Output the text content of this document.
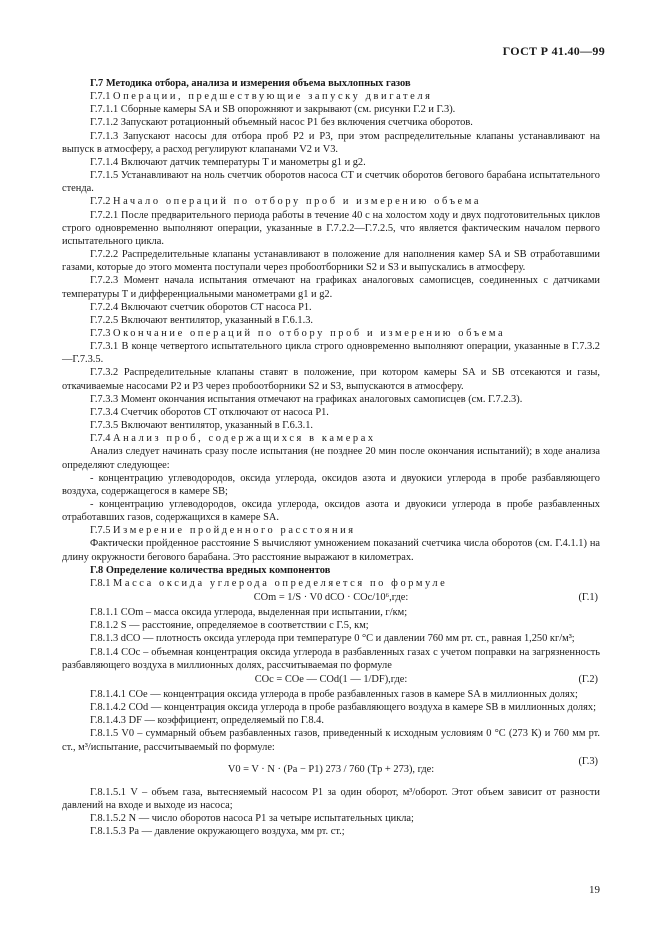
ГОСТ Р 41.40—99

Г.7 Методика отбора, анализа и измерения объема выхлопных газов

Г.7.1 Операции, предшествующие запуску двигателя

Г.7.1.1 Сборные камеры SA и SB опорожняют и закрывают (см. рисунки Г.2 и Г.3).

Г.7.1.2 Запускают ротационный объемный насос P1 без включения счетчика оборотов.

Г.7.1.3 Запускают насосы для отбора проб P2 и P3, при этом распределительные клапаны устанавливают на выпуск в атмосферу, а расход регулируют клапанами V2 и V3.

Г.7.1.4 Включают датчик температуры T и манометры g1 и g2.

Г.7.1.5 Устанавливают на ноль счетчик оборотов насоса CT и счетчик оборотов бегового барабана испытательного стенда.

Г.7.2 Начало операций по отбору проб и измерению объема

Г.7.2.1 После предварительного периода работы в течение 40 с на холостом ходу и двух подготовительных циклов строго одновременно выполняют операции, указанные в Г.7.2.2—Г.7.2.5, что является фактическим началом первого испытательного цикла.

Г.7.2.2 Распределительные клапаны устанавливают в положение для наполнения камер SA и SB отработавшими газами, которые до этого момента поступали через пробоотборники S2 и S3 и выпускались в атмосферу.

Г.7.2.3 Момент начала испытания отмечают на графиках аналоговых самописцев, соединенных с датчиками температуры T и дифференциальными манометрами g1 и g2.

Г.7.2.4 Включают счетчик оборотов CT насоса P1.

Г.7.2.5 Включают вентилятор, указанный в Г.6.1.3.

Г.7.3 Окончание операций по отбору проб и измерению объема

Г.7.3.1 В конце четвертого испытательного цикла строго одновременно выполняют операции, указанные в Г.7.3.2—Г.7.3.5.

Г.7.3.2 Распределительные клапаны ставят в положение, при котором камеры SA и SB отсекаются и газы, откачиваемые насосами P2 и P3 через пробоотборники S2 и S3, выпускаются в атмосферу.

Г.7.3.3 Момент окончания испытания отмечают на графиках аналоговых самописцев (см. Г.7.2.3).

Г.7.3.4 Счетчик оборотов CT отключают от насоса P1.

Г.7.3.5 Включают вентилятор, указанный в Г.6.3.1.

Г.7.4 Анализ проб, содержащихся в камерах

Анализ следует начинать сразу после испытания (не позднее 20 мин после окончания испытаний); в ходе анализа определяют следующее:

- концентрацию углеводородов, оксида углерода, оксидов азота и двуокиси углерода в пробе разбавляющего воздуха, содержащегося в камере SB;

- концентрацию углеводородов, оксида углерода, оксидов азота и двуокиси углерода в пробе разбавленных отработавших газов, содержащихся в камере SA.

Г.7.5 Измерение пройденного расстояния

Фактически пройденное расстояние S вычисляют умножением показаний счетчика числа оборотов (см. Г.4.1.1) на длину окружности бегового барабана. Это расстояние выражают в километрах.

Г.8 Определение количества вредных компонентов

Г.8.1 Масса оксида углерода определяется по формуле

COm = 1/S · V0 dCO · COc/10⁶,где:	(Г.1)

Г.8.1.1 COm – масса оксида углерода, выделенная при испытании, г/км;

Г.8.1.2 S — расстояние, определяемое в соответствии с Г.5, км;

Г.8.1.3 dCO — плотность оксида углерода при температуре 0 °С и давлении 760 мм рт. ст., равная 1,250 кг/м³;

Г.8.1.4 COc – объемная концентрация оксида углерода в разбавленных газах с учетом поправки на загрязненность разбавляющего воздуха в миллионных долях, рассчитываемая по формуле

COc = COe — COd(1 — 1/DF),где:	(Г.2)

Г.8.1.4.1 COe — концентрация оксида углерода в пробе разбавленных газов в камере SA в миллионных долях;

Г.8.1.4.2 COd — концентрация оксида углерода в пробе разбавляющего воздуха в камере SB в миллионных долях;

Г.8.1.4.3 DF — коэффициент, определяемый по Г.8.4.

Г.8.1.5 V0 – суммарный объем разбавленных газов, приведенный к исходным условиям 0 °С (273 К) и 760 мм рт. ст., м³/испытание, рассчитываемый по формуле:

V0 = V · N · (Pa − P1) 273 / 760 (Tp + 273), где:
(Г.3)

Г.8.1.5.1 V – объем газа, вытесняемый насосом P1 за один оборот, м³/оборот. Этот объем зависит от разности давлений на входе и выходе из насоса;

Г.8.1.5.2 N — число оборотов насоса P1 за четыре испытательных цикла;

Г.8.1.5.3 Pa — давление окружающего воздуха, мм рт. ст.;

19
